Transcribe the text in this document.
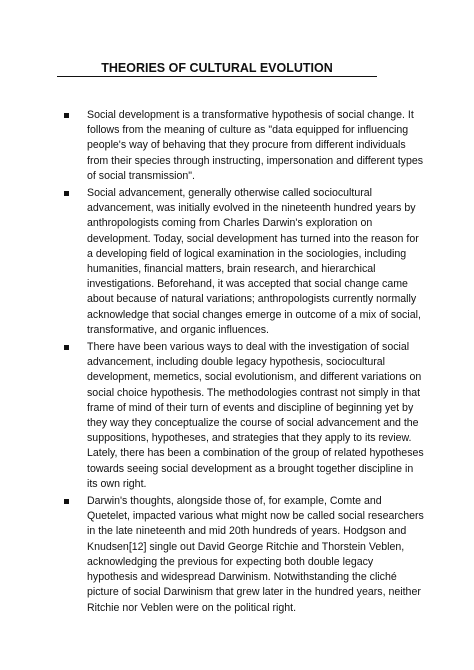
THEORIES OF CULTURAL EVOLUTION
Social development is a transformative hypothesis of social change. It follows from the meaning of culture as "data equipped for influencing people's way of behaving that they procure from different individuals from their species through instructing, impersonation and different types of social transmission".
Social advancement, generally otherwise called sociocultural advancement, was initially evolved in the nineteenth hundred years by anthropologists coming from Charles Darwin's exploration on development. Today, social development has turned into the reason for a developing field of logical examination in the sociologies, including humanities, financial matters, brain research, and hierarchical investigations. Beforehand, it was accepted that social change came about because of natural variations; anthropologists currently normally acknowledge that social changes emerge in outcome of a mix of social, transformative, and organic influences.
There have been various ways to deal with the investigation of social advancement, including double legacy hypothesis, sociocultural development, memetics, social evolutionism, and different variations on social choice hypothesis. The methodologies contrast not simply in that frame of mind of their turn of events and discipline of beginning yet by they way they conceptualize the course of social advancement and the suppositions, hypotheses, and strategies that they apply to its review. Lately, there has been a combination of the group of related hypotheses towards seeing social development as a brought together discipline in its own right.
Darwin's thoughts, alongside those of, for example, Comte and Quetelet, impacted various what might now be called social researchers in the late nineteenth and mid 20th hundreds of years. Hodgson and Knudsen[12] single out David George Ritchie and Thorstein Veblen, acknowledging the previous for expecting both double legacy hypothesis and widespread Darwinism. Notwithstanding the cliché picture of social Darwinism that grew later in the hundred years, neither Ritchie nor Veblen were on the political right.
